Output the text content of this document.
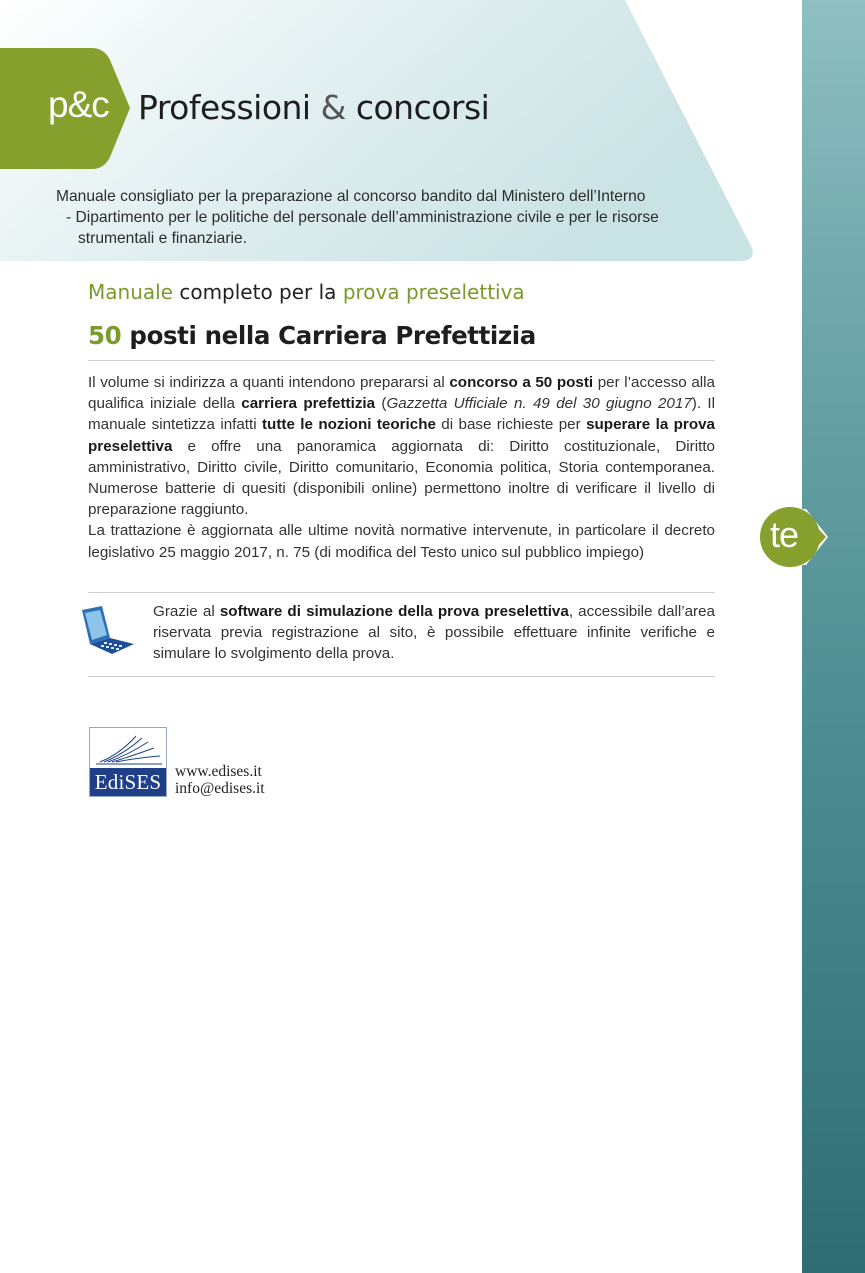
p&c Professioni & concorsi
Manuale consigliato per la preparazione al concorso bandito dal Ministero dell’Interno
- Dipartimento per le politiche del personale dell’amministrazione civile e per le risorse
strumentali e finanziarie.
Manuale completo per la prova preselettiva
50 posti nella Carriera Prefettizia
Il volume si indirizza a quanti intendono prepararsi al concorso a 50 posti per l’accesso alla qualifica iniziale della carriera prefettizia (Gazzetta Ufficiale n. 49 del 30 giugno 2017). Il manuale sintetizza infatti tutte le nozioni teoriche di base richieste per superare la prova preselettiva e offre una panoramica aggiornata di: Diritto costituzionale, Diritto amministrativo, Diritto civile, Diritto comunitario, Economia politica, Storia contemporanea. Numerose batterie di quesiti (disponibili online) permettono inoltre di verificare il livello di preparazione raggiunto.
La trattazione è aggiornata alle ultime novità normative intervenute, in particolare il decreto legislativo 25 maggio 2017, n. 75 (di modifica del Testo unico sul pubblico impiego)	te
Grazie al software di simulazione della prova preselettiva, accessibile dall’area riservata previa registrazione al sito, è possibile effettuare infinite verifiche e simulare lo svolgimento della prova.
EdiSES www.edises.it
info@edises.it
